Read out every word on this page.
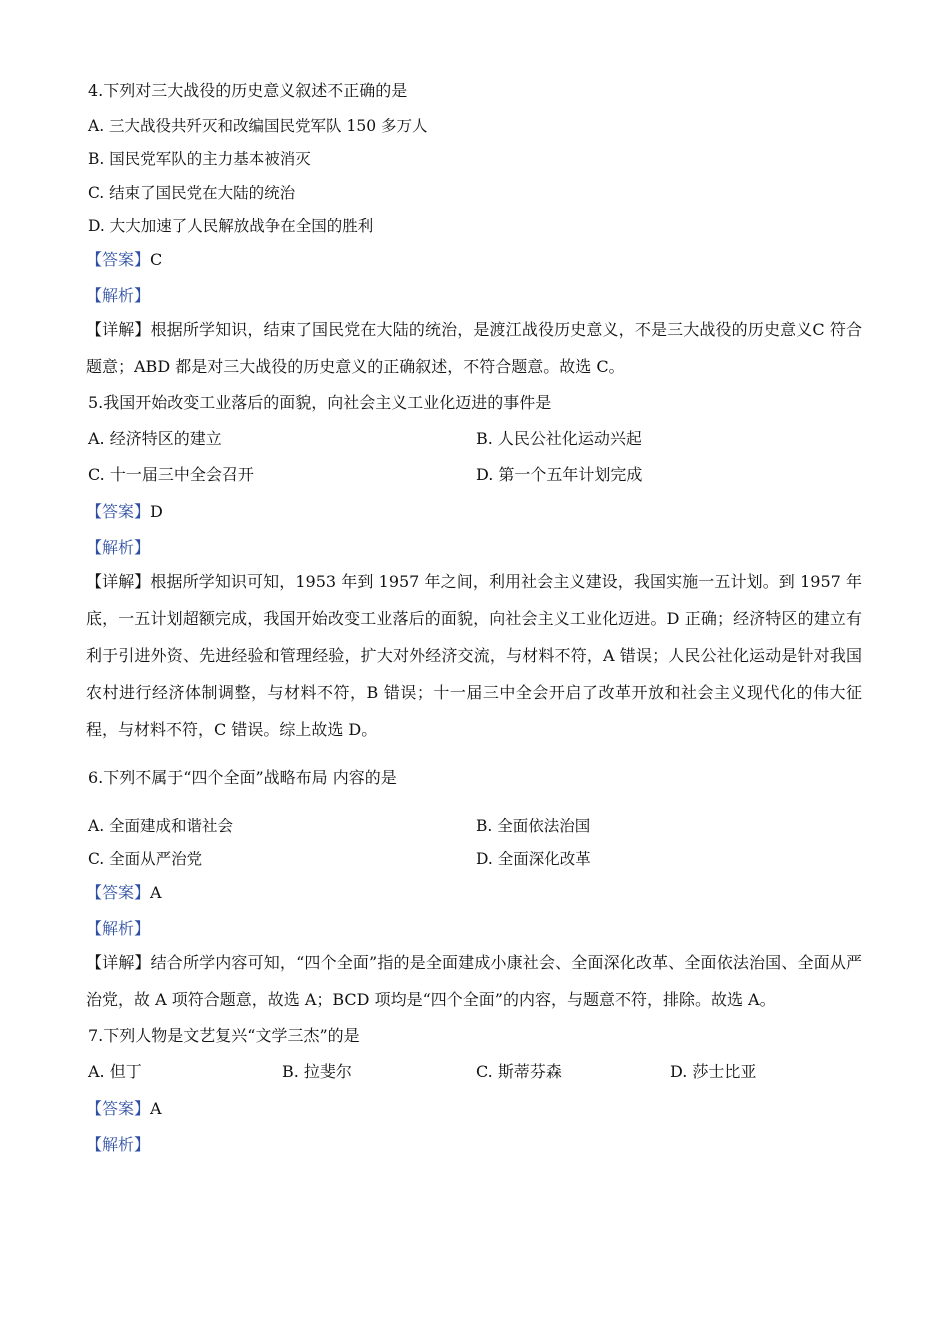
4.下列对三大战役的历史意义叙述不正确的是
A. 三大战役共歼灭和改编国民党军队 150 多万人
B. 国民党军队的主力基本被消灭
C. 结束了国民党在大陆的统治
D. 大大加速了人民解放战争在全国的胜利
【答案】C
【解析】
【详解】根据所学知识，结束了国民党在大陆的统治，是渡江战役历史意义，不是三大战役的历史意义C 符合题意；ABD 都是对三大战役的历史意义的正确叙述，不符合题意。故选 C。
5.我国开始改变工业落后的面貌，向社会主义工业化迈进的事件是
A. 经济特区的建立	B. 人民公社化运动兴起
C. 十一届三中全会召开	D. 第一个五年计划完成
【答案】D
【解析】
【详解】根据所学知识可知，1953 年到 1957 年之间，利用社会主义建设，我国实施一五计划。到 1957 年底，一五计划超额完成，我国开始改变工业落后的面貌，向社会主义工业化迈进。D 正确；经济特区的建立有利于引进外资、先进经验和管理经验，扩大对外经济交流，与材料不符，A 错误；人民公社化运动是针对我国农村进行经济体制调整，与材料不符，B 错误；十一届三中全会开启了改革开放和社会主义现代化的伟大征程，与材料不符，C 错误。综上故选 D。
6.下列不属于“四个全面”战略布局 内容的是
A. 全面建成和谐社会	B. 全面依法治国
C. 全面从严治党	D. 全面深化改革
【答案】A
【解析】
【详解】结合所学内容可知，“四个全面”指的是全面建成小康社会、全面深化改革、全面依法治国、全面从严治党，故 A 项符合题意，故选 A；BCD 项均是“四个全面”的内容，与题意不符，排除。故选 A。
7.下列人物是文艺复兴“文学三杰”的是
A. 但丁	B. 拉斐尔	C. 斯蒂芬森	D. 莎士比亚
【答案】A
【解析】
